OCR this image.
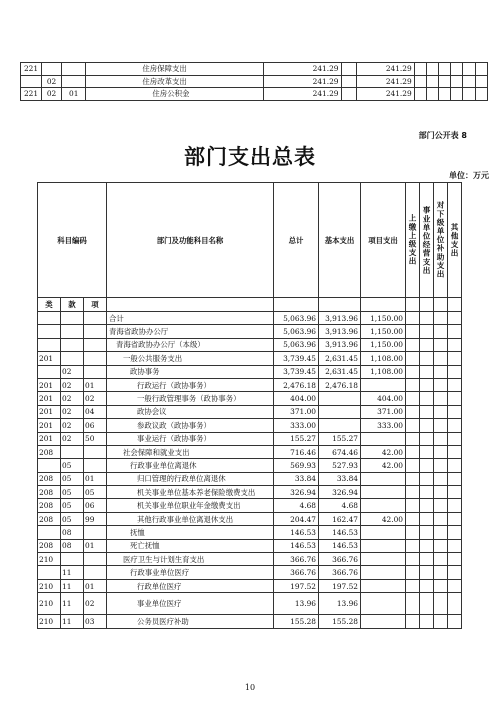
221			住房保障支出	241.29		241.29						
	02		住房改革支出	241.29		241.29						
221	02	01	住房公积金	241.29		241.29						
部门公开表 8
部门支出总表
单位：万元
科目编码			部门及功能科目名称	总计	基本支出	项目支出	上缴上级支出	事业单位经营支出	对下级单位补助支出	其他支出
类	款	项								
			合计	5,063.96	3,913.96	1,150.00				
			青海省政协办公厅	5,063.96	3,913.96	1,150.00				
			青海省政协办公厅（本级）	5,063.96	3,913.96	1,150.00				
201			一般公共服务支出	3,739.45	2,631.45	1,108.00				
	02		政协事务	3,739.45	2,631.45	1,108.00				
201	02	01	行政运行（政协事务）	2,476.18	2,476.18					
201	02	02	一般行政管理事务（政协事务）	404.00		404.00				
201	02	04	政协会议	371.00		371.00				
201	02	06	参政议政（政协事务）	333.00		333.00				
201	02	50	事业运行（政协事务）	155.27	155.27					
208			社会保障和就业支出	716.46	674.46	42.00				
	05		行政事业单位离退休	569.93	527.93	42.00				
208	05	01	归口管理的行政单位离退休	33.84	33.84					
208	05	05	机关事业单位基本养老保险缴费支出	326.94	326.94					
208	05	06	机关事业单位职业年金缴费支出	4.68	4.68					
208	05	99	其他行政事业单位离退休支出	204.47	162.47	42.00				
	08		抚恤	146.53	146.53					
208	08	01	死亡抚恤	146.53	146.53					
210			医疗卫生与计划生育支出	366.76	366.76					
	11		行政事业单位医疗	366.76	366.76					
210	11	01	行政单位医疗	197.52	197.52					
210	11	02	事业单位医疗	13.96	13.96					
210	11	03	公务员医疗补助	155.28	155.28					
10
